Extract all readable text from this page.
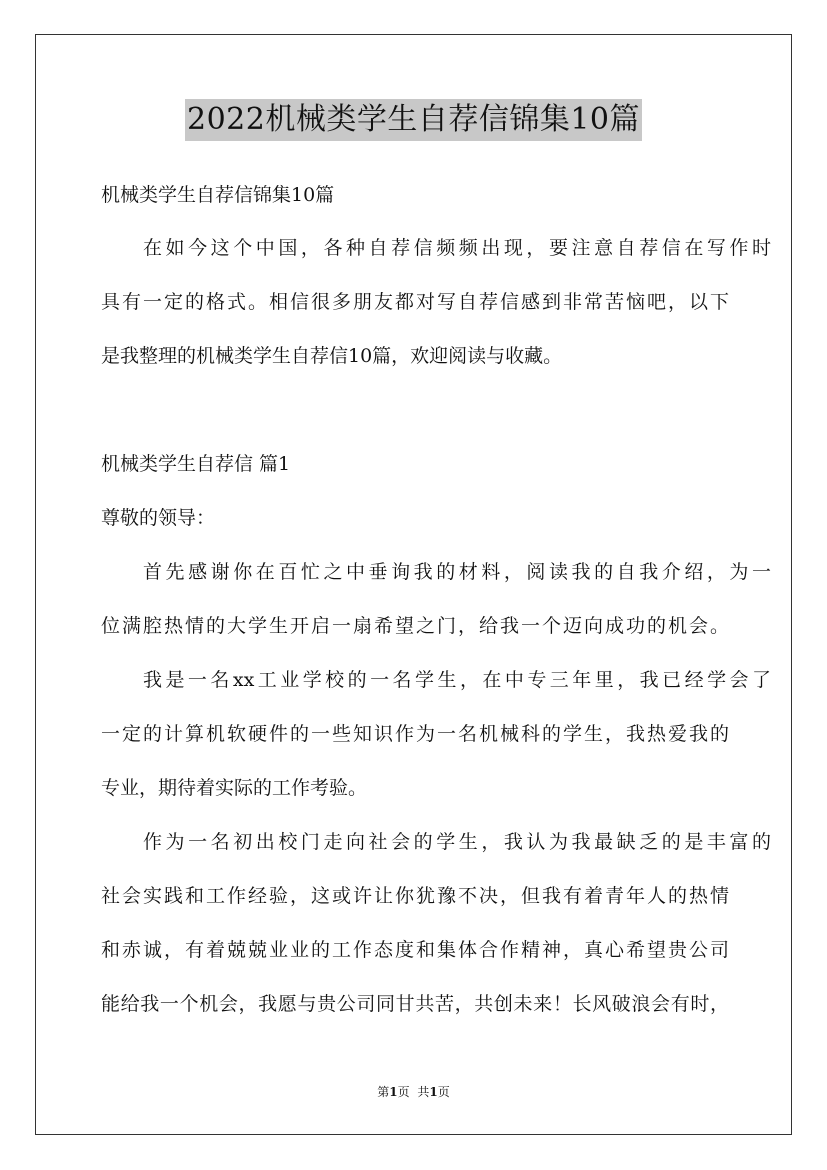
2022机械类学生自荐信锦集10篇
机械类学生自荐信锦集10篇
在如今这个中国，各种自荐信频频出现，要注意自荐信在写作时
具有一定的格式。相信很多朋友都对写自荐信感到非常苦恼吧，以下
是我整理的机械类学生自荐信10篇，欢迎阅读与收藏。
机械类学生自荐信 篇1
尊敬的领导：
首先感谢你在百忙之中垂询我的材料，阅读我的自我介绍，为一
位满腔热情的大学生开启一扇希望之门，给我一个迈向成功的机会。
我是一名xx工业学校的一名学生，在中专三年里，我已经学会了
一定的计算机软硬件的一些知识作为一名机械科的学生，我热爱我的
专业，期待着实际的工作考验。
作为一名初出校门走向社会的学生，我认为我最缺乏的是丰富的
社会实践和工作经验，这或许让你犹豫不决，但我有着青年人的热情
和赤诚，有着兢兢业业的工作态度和集体合作精神，真心希望贵公司
能给我一个机会，我愿与贵公司同甘共苦，共创未来！长风破浪会有时，
第1页 共1页
